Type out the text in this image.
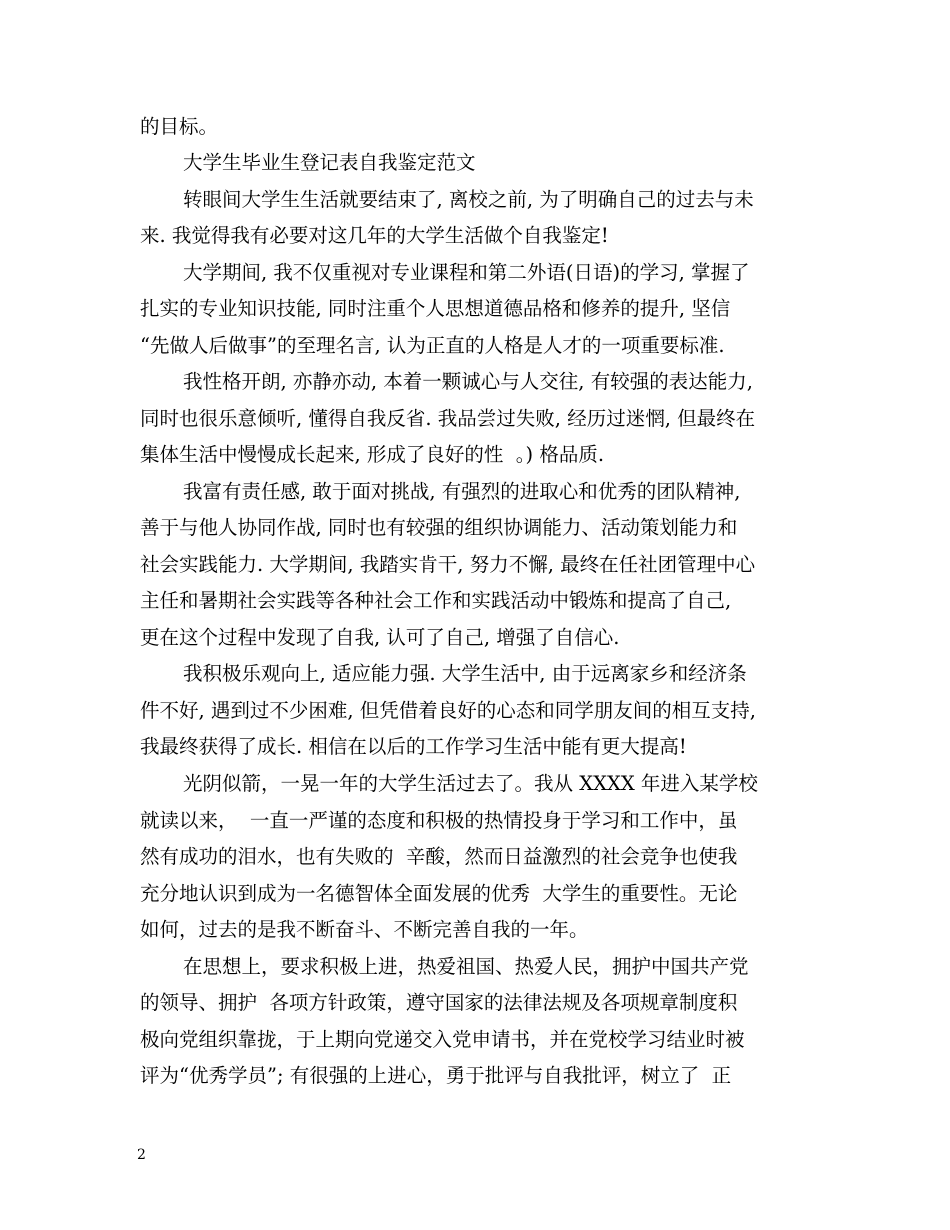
的目标。
大学生毕业生登记表自我鉴定范文
转眼间大学生生活就要结束了, 离校之前, 为了明确自己的过去与未
来. 我觉得我有必要对这几年的大学生活做个自我鉴定!
大学期间, 我不仅重视对专业课程和第二外语(日语)的学习, 掌握了
扎实的专业知识技能, 同时注重个人思想道德品格和修养的提升, 坚信
“先做人后做事”的至理名言, 认为正直的人格是人才的一项重要标准.
我性格开朗, 亦静亦动, 本着一颗诚心与人交往, 有较强的表达能力,
同时也很乐意倾听, 懂得自我反省. 我品尝过失败, 经历过迷惘, 但最终在
集体生活中慢慢成长起来, 形成了良好的性  。) 格品质.
我富有责任感, 敢于面对挑战, 有强烈的进取心和优秀的团队精神,
善于与他人协同作战, 同时也有较强的组织协调能力、活动策划能力和
社会实践能力. 大学期间, 我踏实肯干, 努力不懈, 最终在任社团管理中心
主任和暑期社会实践等各种社会工作和实践活动中锻炼和提高了自己,
更在这个过程中发现了自我, 认可了自己, 增强了自信心.
我积极乐观向上, 适应能力强. 大学生活中, 由于远离家乡和经济条
件不好, 遇到过不少困难, 但凭借着良好的心态和同学朋友间的相互支持,
我最终获得了成长. 相信在以后的工作学习生活中能有更大提高!
光阴似箭，一晃一年的大学生活过去了。我从 XXXX 年进入某学校
就读以来，  一直一严谨的态度和积极的热情投身于学习和工作中，虽
然有成功的泪水，也有失败的  辛酸，然而日益激烈的社会竞争也使我
充分地认识到成为一名德智体全面发展的优秀  大学生的重要性。无论
如何，过去的是我不断奋斗、不断完善自我的一年。
在思想上，要求积极上进，热爱祖国、热爱人民，拥护中国共产党
的领导、拥护  各项方针政策，遵守国家的法律法规及各项规章制度积
极向党组织靠拢，于上期向党递交入党申请书，并在党校学习结业时被
评为“优秀学员”; 有很强的上进心，勇于批评与自我批评，树立了  正
2
